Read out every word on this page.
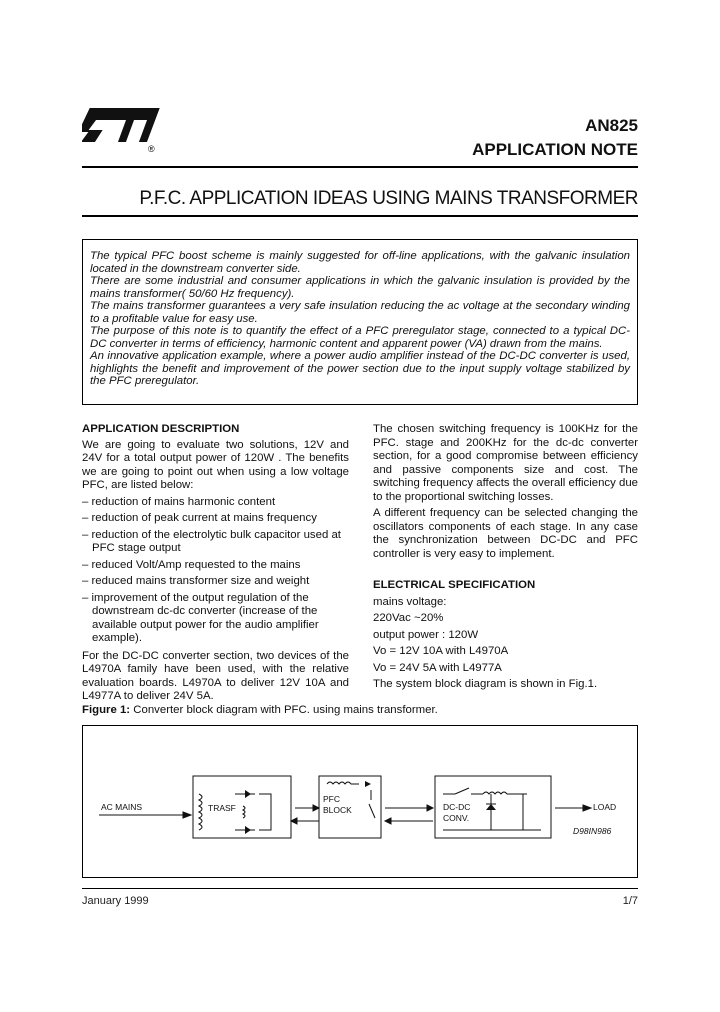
®
AN825
APPLICATION NOTE
P.F.C. APPLICATION IDEAS USING MAINS TRANSFORMER

The typical PFC boost scheme is mainly suggested for off-line applications, with the galvanic insulation located in the downstream converter side.

There are some industrial and consumer applications in which the galvanic insulation is provided by the mains transformer( 50/60 Hz frequency).

The mains transformer guarantees a very safe insulation reducing the ac voltage at the secondary winding to a profitable value for easy use.

The purpose of this note is to quantify the effect of a PFC preregulator stage, connected to a typical DC-DC converter in terms of efficiency, harmonic content and apparent power (VA) drawn from the mains.

An innovative application example, where a power audio amplifier instead of the DC-DC converter is used, highlights the benefit and improvement of the power section due to the input supply voltage stabilized by the PFC preregulator.

APPLICATION DESCRIPTION

We are going to evaluate two solutions, 12V and 24V for a total output power of 120W . The benefits we are going to point out when using a low voltage PFC, are listed below:

– reduction of mains harmonic content

– reduction of peak current at mains frequency

– reduction of the electrolytic bulk capacitor used at PFC stage output

– reduced Volt/Amp requested to the mains

– reduced mains transformer size and weight

– improvement of the output regulation of the downstream dc-dc converter (increase of the available output power for the audio amplifier example).

For the DC-DC converter section, two devices of the L4970A family have been used, with the relative evaluation boards. L4970A to deliver 12V 10A and L4977A to deliver 24V 5A.

The chosen switching frequency is 100KHz for the PFC. stage and 200KHz for the dc-dc converter section, for a good compromise between efficiency and passive components size and cost. The switching frequency affects the overall efficiency due to the proportional switching losses.

A different frequency can be selected changing the oscillators components of each stage. In any case the synchronization between DC-DC and PFC controller is very easy to implement.

ELECTRICAL SPECIFICATION

mains voltage:

220Vac ~20%

output power : 120W

Vo = 12V 10A with L4970A

Vo = 24V 5A with L4977A

The system block diagram is shown in Fig.1.

Figure 1: Converter block diagram with PFC. using mains transformer.
AC MAINS	TRASF
PFC
BLOCK	DC-DC
CONV.
LOAD
D98IN986
January 1999	1/7
